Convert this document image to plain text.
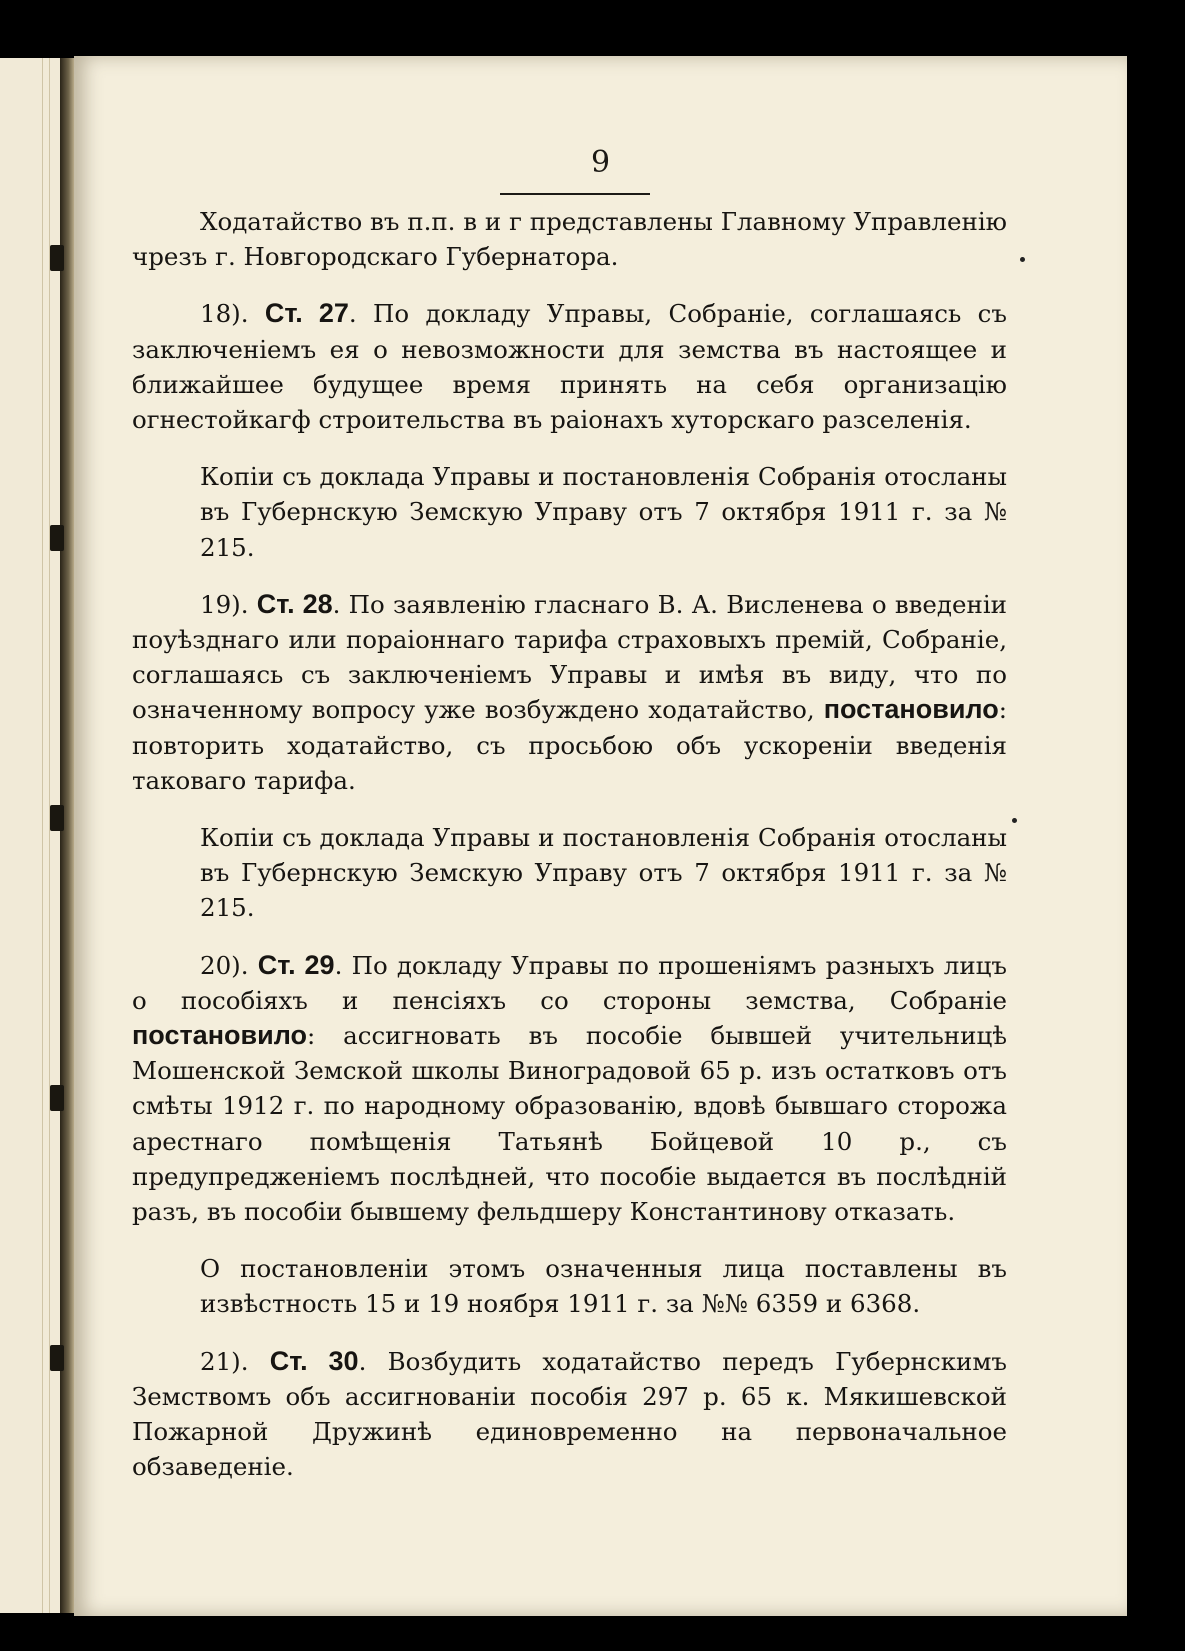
9

Ходатайство въ п.п. в и г представлены Главному Управленію чрезъ г. Новгородскаго Губернатора.

18). Ст. 27. По докладу Управы, Собраніе, соглашаясь съ заключеніемъ ея о невозможности для земства въ настоящее и ближайшее будущее время принять на себя организацію огнестойкагф строительства въ раіонахъ хуторскаго разселенія.

Копіи съ доклада Управы и постановленія Собранія отосланы въ Губернскую Земскую Управу отъ 7 октября 1911 г. за № 215.

19). Ст. 28. По заявленію гласнаго В. А. Висленева о введеніи поуѣзднаго или пораіоннаго тарифа страховыхъ премій, Собраніе, соглашаясь съ заключеніемъ Управы и имѣя въ виду, что по означенному вопросу уже возбуждено ходатайство, постановило: повторить ходатайство, съ просьбою объ ускореніи введенія таковаго тарифа.

Копіи съ доклада Управы и постановленія Собранія отосланы въ Губернскую Земскую Управу отъ 7 октября 1911 г. за № 215.

20). Ст. 29. По докладу Управы по прошеніямъ разныхъ лицъ о пособіяхъ и пенсіяхъ со стороны земства, Собраніе постановило: ассигновать въ пособіе бывшей учительницѣ Мошенской Земской школы Виноградовой 65 р. изъ остатковъ отъ смѣты 1912 г. по народному образованію, вдовѣ бывшаго сторожа арестнаго помѣщенія Татьянѣ Бойцевой 10 р., съ предупредженіемъ послѣдней, что пособіе выдается въ послѣдній разъ, въ пособіи бывшему фельдшеру Константиновy отказать.

О постановленіи этомъ означенныя лица поставлены въ извѣстность 15 и 19 ноября 1911 г. за №№ 6359 и 6368.

21). Ст. 30. Возбудить ходатайство передъ Губернскимъ Земствомъ объ ассигнованіи пособія 297 р. 65 к. Мякишевской Пожарной Дружинѣ единовременно на первоначальное обзаведеніе.
